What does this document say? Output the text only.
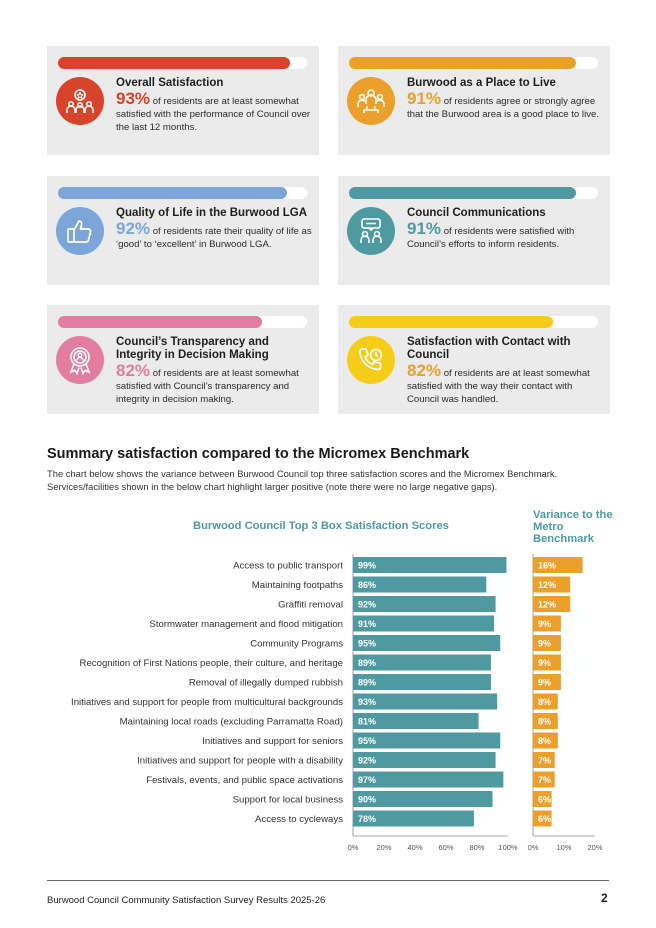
Overall Satisfaction
93% of residents are at least somewhat satisfied with the performance of Council over the last 12 months.
Burwood as a Place to Live
91% of residents agree or strongly agree that the Burwood area is a good place to live.
Quality of Life in the Burwood LGA
92% of residents rate their quality of life as ‘good’ to ‘excellent’ in Burwood LGA.
Council Communications
91% of residents were satisfied with Council’s efforts to inform residents.
Council’s Transparency and Integrity in Decision Making
82% of residents are at least somewhat satisfied with Council’s transparency and integrity in decision making.
Satisfaction with Contact with Council
82% of residents are at least somewhat satisfied with the way their contact with Council was handled.
Summary satisfaction compared to the Micromex Benchmark
The chart below shows the variance between Burwood Council top three satisfaction scores and the Micromex Benchmark. Services/facilities shown in the below chart highlight larger positive (note there were no large negative gaps).
Burwood Council Top 3 Box Satisfaction Scores
Variance to the Metro Benchmark
Access to public transport 99%	16%
Maintaining footpaths 86%	12%
Graffiti removal 92%	12%
Stormwater management and flood mitigation 91%	9%
Community Programs 95%	9%
Recognition of First Nations people, their culture, and heritage 89%	9%
Removal of illegally dumped rubbish 89%	9%
Initiatives and support for people from multicultural backgrounds 93%	8%
Maintaining local roads (excluding Parramatta Road) 81%	8%
Initiatives and support for seniors 95%	8%
Initiatives and support for people with a disability 92%	7%
Festivals, events, and public space activations 97%	7%
Support for local business 90%	6%
Access to cycleways 78%	6%
0% 20% 40% 60% 80% 100% 0% 10% 20%
Burwood Council Community Satisfaction Survey Results 2025-26	2
